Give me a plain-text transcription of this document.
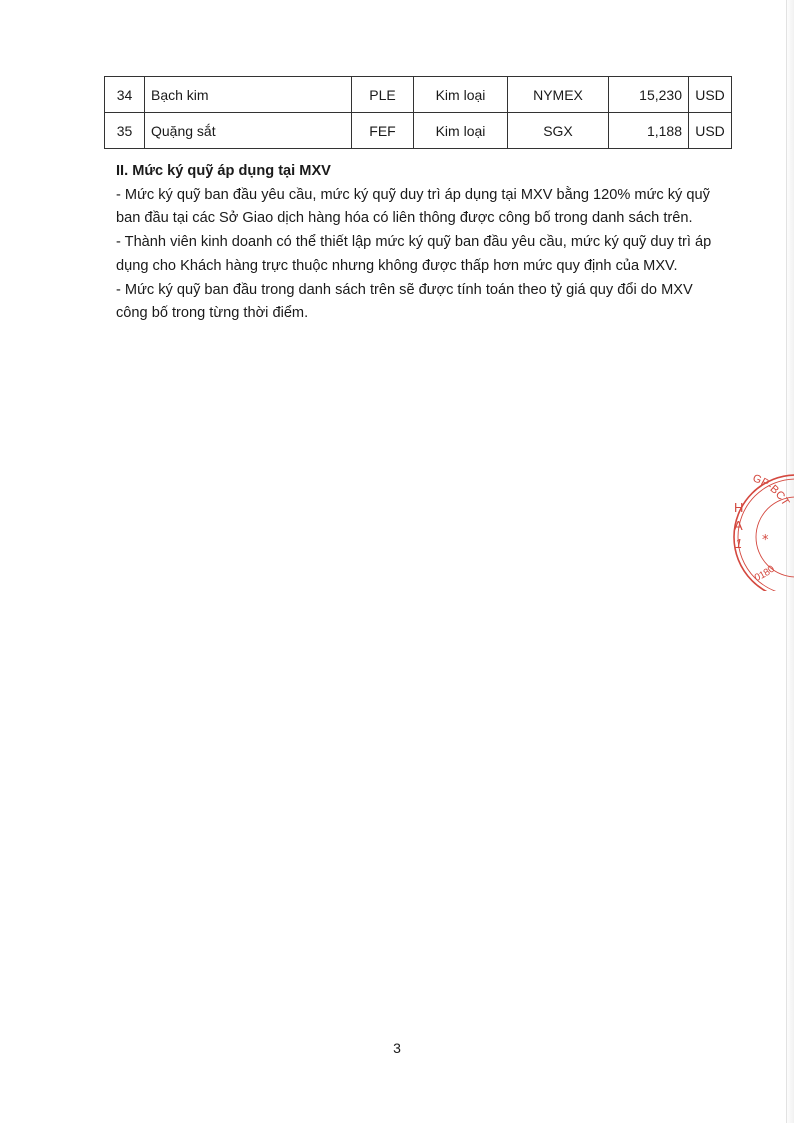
34	Bạch kim	PLE	Kim loại	NYMEX	15,230	USD
35	Quặng sắt	FEF	Kim loại	SGX	1,188	USD
II. Mức ký quỹ áp dụng tại MXV

- Mức ký quỹ ban đầu yêu cầu, mức ký quỹ duy trì áp dụng tại MXV bằng 120% mức ký quỹ
ban đầu tại các Sở Giao dịch hàng hóa có liên thông được công bố trong danh sách trên.

- Thành viên kinh doanh có thể thiết lập mức ký quỹ ban đầu yêu cầu, mức ký quỹ duy trì áp
dụng cho Khách hàng trực thuộc nhưng không được thấp hơn mức quy định của MXV.

- Mức ký quỹ ban đầu trong danh sách trên sẽ được tính toán theo tỷ giá quy đổi do MXV
công bố trong từng thời điểm.

GP-BCT
0180
H
A
1 *
3
